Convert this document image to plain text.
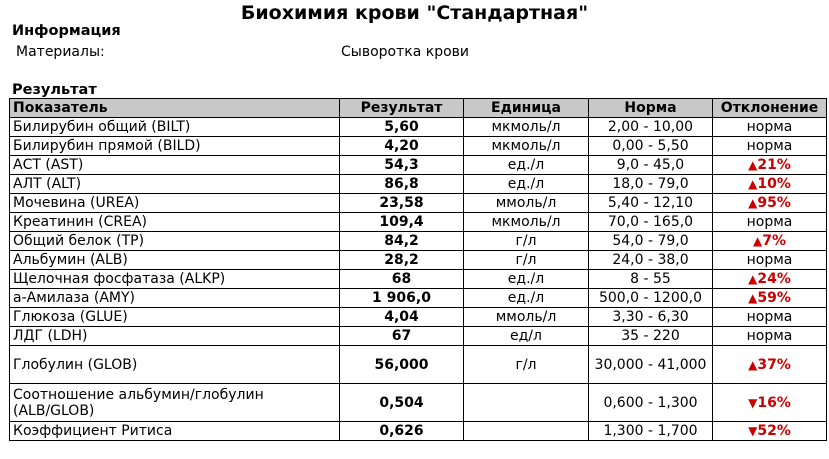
Биохимия крови "Стандартная"
Информация
Материалы:	Сыворотка крови
Результат
Показатель	Результат	Единица	Норма	Отклонение
Билирубин общий (BILT)	5,60	мкмоль/л	2,00 - 10,00	норма
Билирубин прямой (BILD)	4,20	мкмоль/л	0,00 - 5,50	норма
АСТ (AST)	54,3	ед./л	9,0 - 45,0	▲21%
АЛТ (ALT)	86,8	ед./л	18,0 - 79,0	▲10%
Мочевина (UREA)	23,58	ммоль/л	5,40 - 12,10	▲95%
Креатинин (CREA)	109,4	мкмоль/л	70,0 - 165,0	норма
Общий белок (TP)	84,2	г/л	54,0 - 79,0	▲7%
Альбумин (ALB)	28,2	г/л	24,0 - 38,0	норма
Щелочная фосфатаза (ALKP)	68	ед./л	8 - 55	▲24%
a-Амилаза (AMY)	1 906,0	ед./л	500,0 - 1200,0	▲59%
Глюкоза (GLUE)	4,04	ммоль/л	3,30 - 6,30	норма
ЛДГ (LDH)	67	ед/л	35 - 220	норма
Глобулин (GLOB)	56,000	г/л	30,000 - 41,000	▲37%
Соотношение альбумин/глобулин (ALB/GLOB)	0,504		0,600 - 1,300	▼16%
Коэффициент Ритиса	0,626		1,300 - 1,700	▼52%
